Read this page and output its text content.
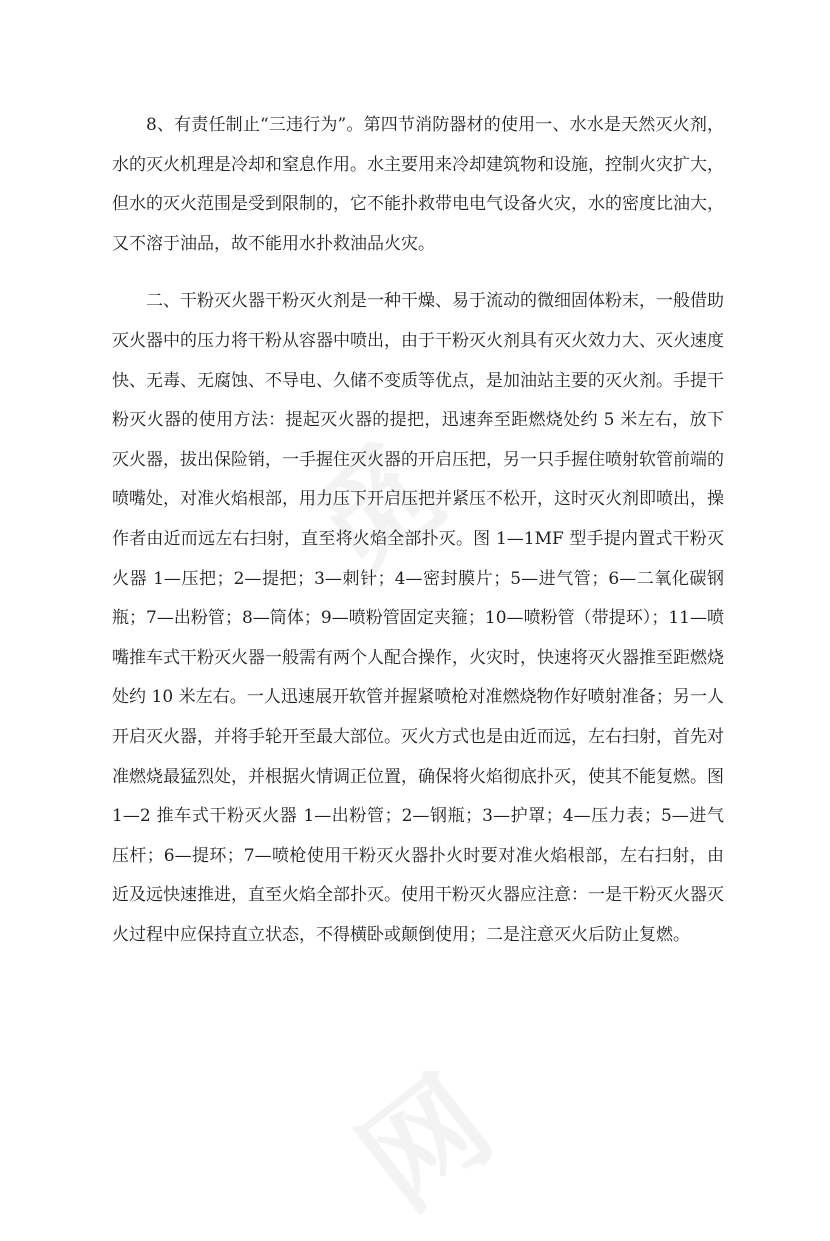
觅
网

8、有责任制止“三违行为”。第四节消防器材的使用一、水水是天然灭火剂，水的灭火机理是冷却和窒息作用。水主要用来冷却建筑物和设施，控制火灾扩大，但水的灭火范围是受到限制的，它不能扑救带电电气设备火灾，水的密度比油大，又不溶于油品，故不能用水扑救油品火灾。

二、干粉灭火器干粉灭火剂是一种干燥、易于流动的微细固体粉末，一般借助灭火器中的压力将干粉从容器中喷出，由于干粉灭火剂具有灭火效力大、灭火速度快、无毒、无腐蚀、不导电、久储不变质等优点，是加油站主要的灭火剂。手提干粉灭火器的使用方法：提起灭火器的提把，迅速奔至距燃烧处约 5 米左右，放下灭火器，拔出保险销，一手握住灭火器的开启压把，另一只手握住喷射软管前端的喷嘴处，对准火焰根部，用力压下开启压把并紧压不松开，这时灭火剂即喷出，操作者由近而远左右扫射，直至将火焰全部扑灭。图 1—1MF 型手提内置式干粉灭火器 1—压把；2—提把；3—刺针；4—密封膜片；5—进气管；6—二氧化碳钢瓶；7—出粉管；8—筒体；9—喷粉管固定夹箍；10—喷粉管（带提环）；11—喷嘴推车式干粉灭火器一般需有两个人配合操作，火灾时，快速将灭火器推至距燃烧处约 10 米左右。一人迅速展开软管并握紧喷枪对准燃烧物作好喷射准备；另一人开启灭火器，并将手轮开至最大部位。灭火方式也是由近而远，左右扫射，首先对准燃烧最猛烈处，并根据火情调正位置，确保将火焰彻底扑灭，使其不能复燃。图 1—2 推车式干粉灭火器 1—出粉管；2—钢瓶；3—护罩；4—压力表；5—进气压杆；6—提环；7—喷枪使用干粉灭火器扑火时要对准火焰根部，左右扫射，由近及远快速推进，直至火焰全部扑灭。使用干粉灭火器应注意：一是干粉灭火器灭火过程中应保持直立状态，不得横卧或颠倒使用；二是注意灭火后防止复燃。
